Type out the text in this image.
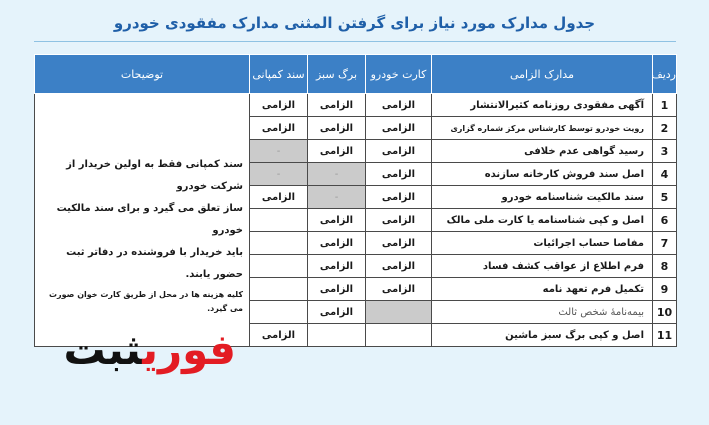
جدول مدارک مورد نیاز برای گرفتن المثنی مدارک مفقودی خودرو
ردیف	مدارک الزامی	کارت خودرو	برگ سبز	سند کمپانی	توضیحات
1	آگهی مفقودی روزنامه کثیرالانتشار	الزامی	الزامی	الزامی	سند کمپانی فقط به اولین خریدار از شرکت خودرو
ساز تعلق می گیرد و برای سند مالکیت خودرو
باید خریدار با فروشنده در دفاتر ثبت حضور یابند.
کلیه هزینه ها در محل از طریق کارت خوان صورت می گیرد.

2	رویت خودرو توسط کارشناس مرکز شماره گزاری	الزامی	الزامی	الزامی	
3	رسید گواهی عدم خلافی	الزامی	الزامی	-	
4	اصل سند فروش کارخانه سازنده	الزامی	-	-	
5	سند مالکیت شناسنامه خودرو	الزامی	-	الزامی	
6	اصل و کپی شناسنامه یا کارت ملی مالک	الزامی	الزامی		
7	مفاصا حساب اجرائیات	الزامی	الزامی		
8	فرم اطلاع از عواقب کشف فساد	الزامی	الزامی		
9	تکمیل فرم تعهد نامه	الزامی	الزامی		
10	بیمه‌نامهٔ شخص ثالث		الزامی		
11	اصل و کپی برگ سبز ماشین			الزامی	
فوریثبت
